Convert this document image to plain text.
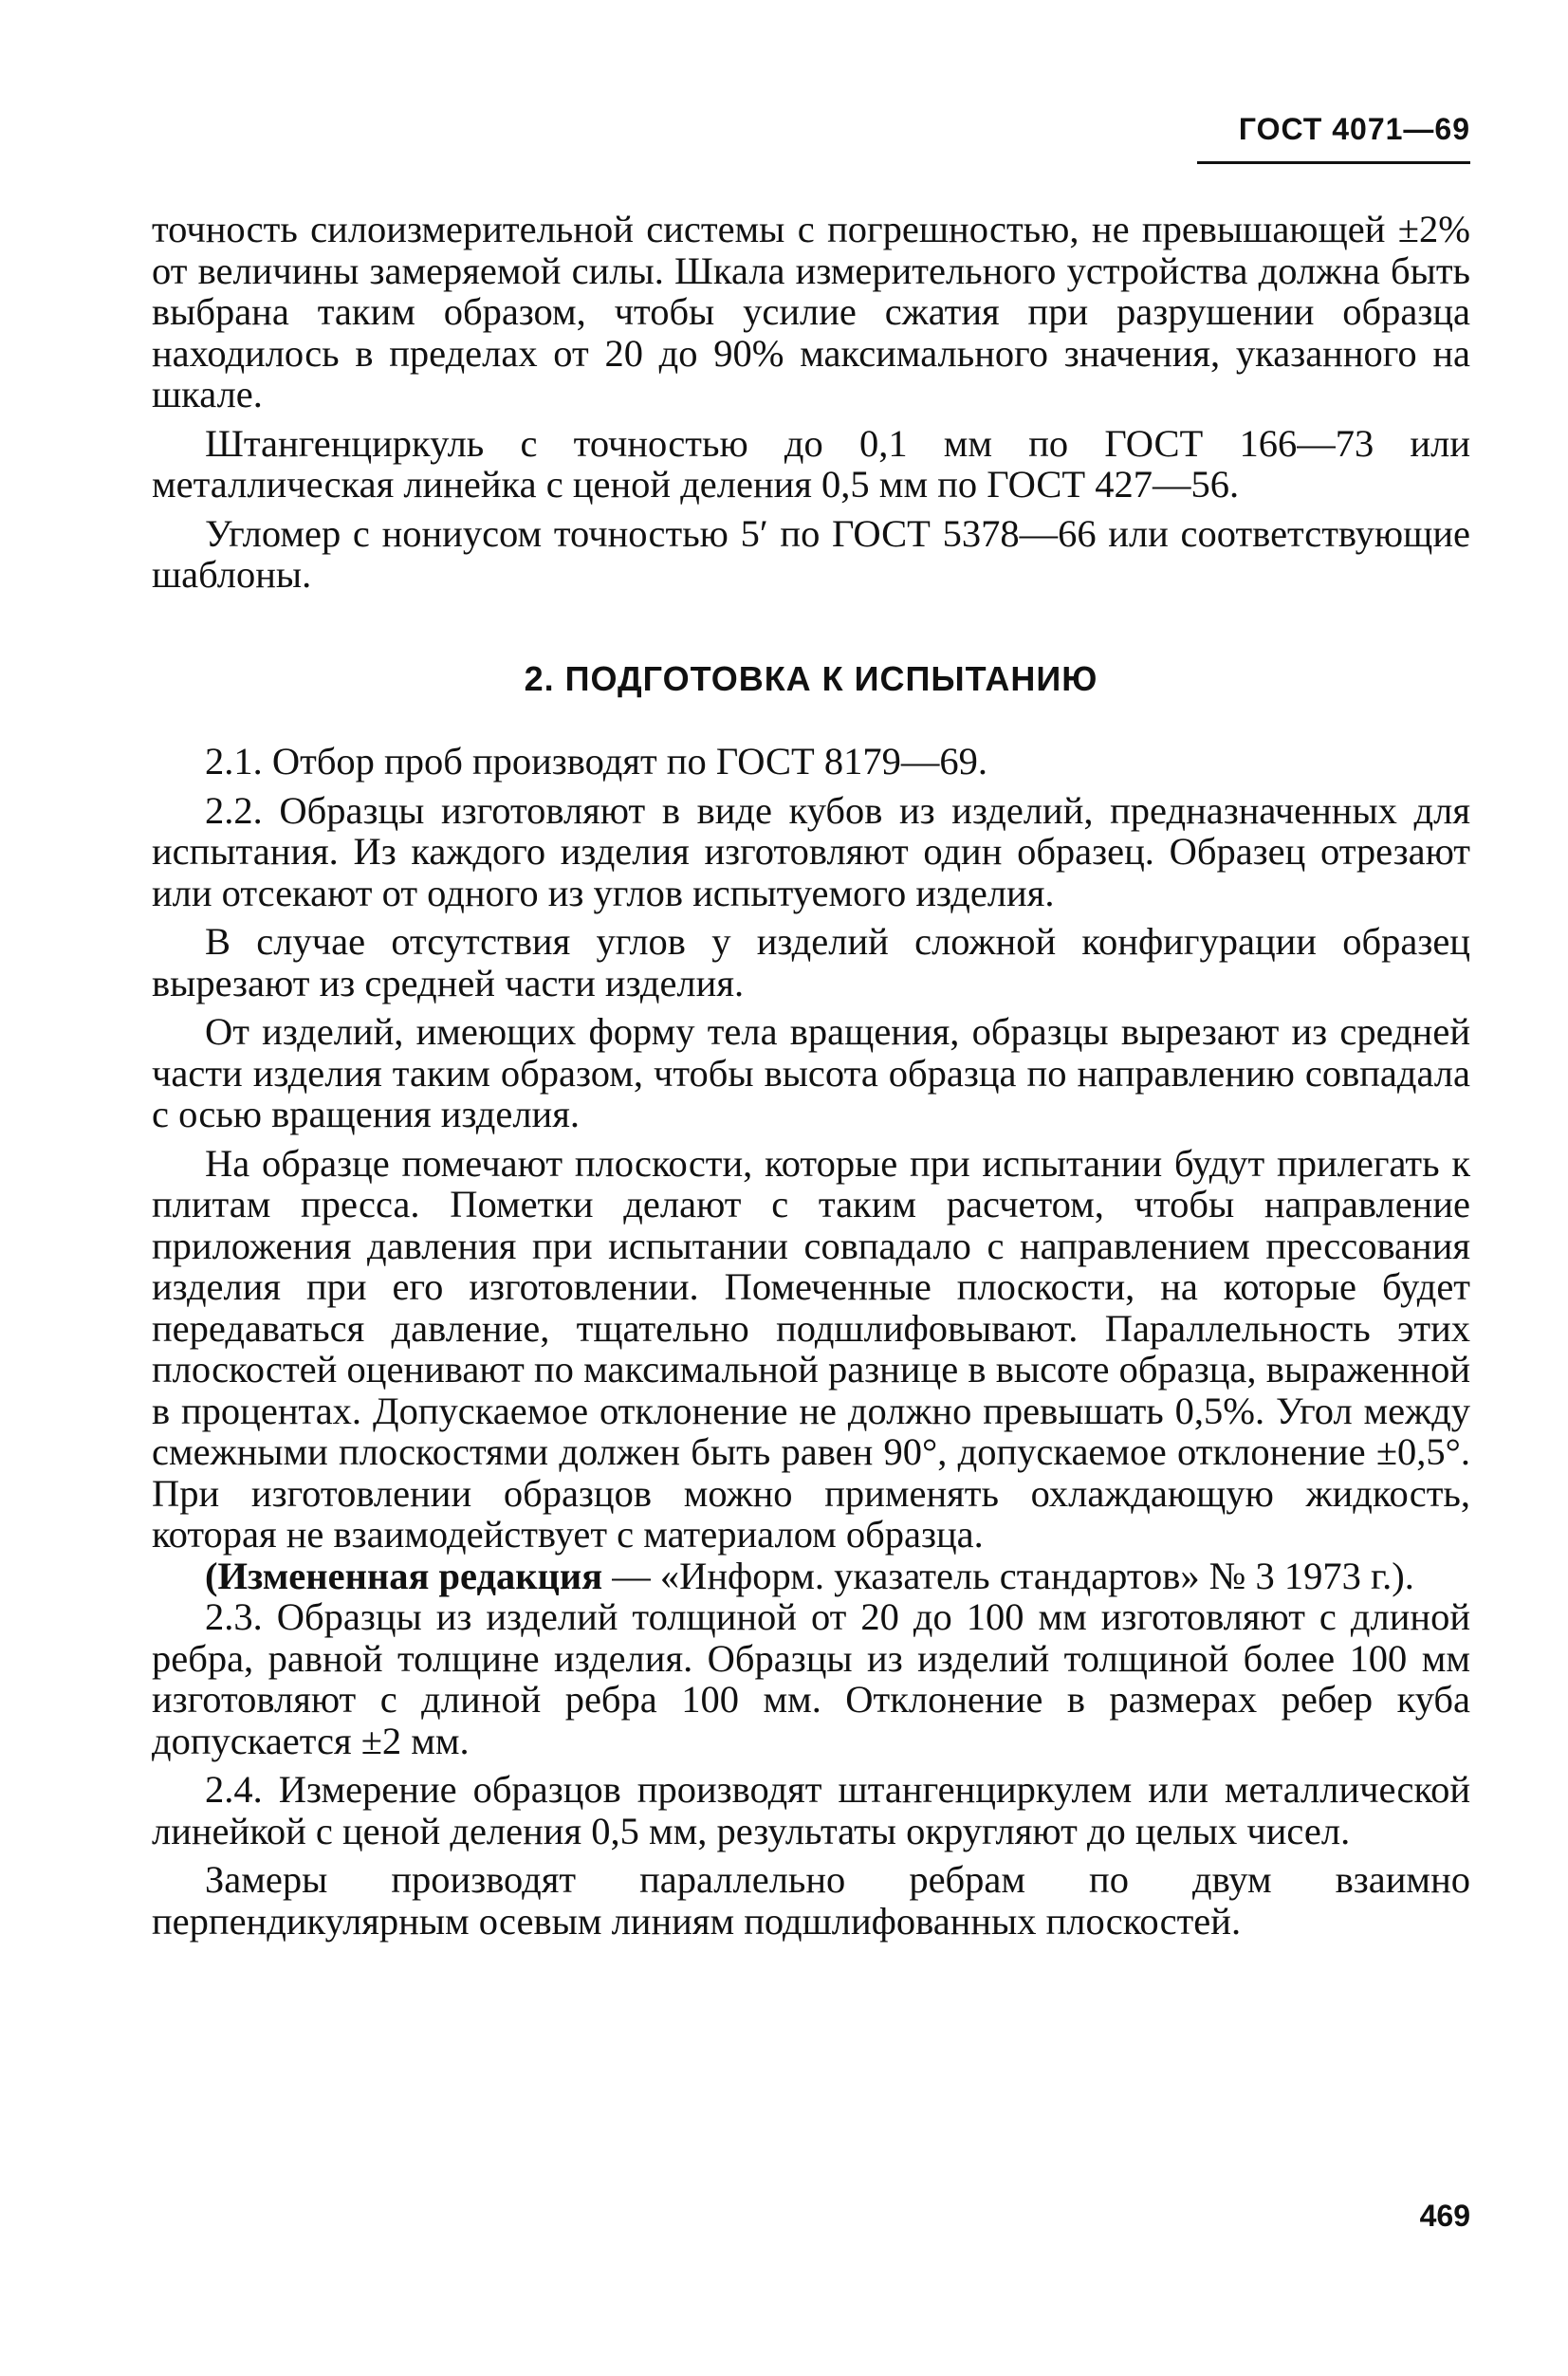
ГОСТ 4071—69

точность силоизмерительной системы с погрешностью, не превышающей ±2% от величины замеряемой силы. Шкала измерительного устройства должна быть выбрана таким образом, чтобы усилие сжатия при разрушении образца находилось в пределах от 20 до 90% максимального значения, указанного на шкале.

Штангенциркуль с точностью до 0,1 мм по ГОСТ 166—73 или металлическая линейка с ценой деления 0,5 мм по ГОСТ 427—56.

Угломер с нониусом точностью 5′ по ГОСТ 5378—66 или соответствующие шаблоны.

2. ПОДГОТОВКА К ИСПЫТАНИЮ

2.1. Отбор проб производят по ГОСТ 8179—69.

2.2. Образцы изготовляют в виде кубов из изделий, предназначенных для испытания. Из каждого изделия изготовляют один образец. Образец отрезают или отсекают от одного из углов испытуемого изделия.

В случае отсутствия углов у изделий сложной конфигурации образец вырезают из средней части изделия.

От изделий, имеющих форму тела вращения, образцы вырезают из средней части изделия таким образом, чтобы высота образца по направлению совпадала с осью вращения изделия.

На образце помечают плоскости, которые при испытании будут прилегать к плитам пресса. Пометки делают с таким расчетом, чтобы направление приложения давления при испытании совпадало с направлением прессования изделия при его изготовлении. Помеченные плоскости, на которые будет передаваться давление, тщательно подшлифовывают. Параллельность этих плоскостей оценивают по максимальной разнице в высоте образца, выраженной в процентах. Допускаемое отклонение не должно превышать 0,5%. Угол между смежными плоскостями должен быть равен 90°, допускаемое отклонение ±0,5°. При изготовлении образцов можно применять охлаждающую жидкость, которая не взаимодействует с материалом образца.

(Измененная редакция — «Информ. указатель стандартов» № 3 1973 г.).

2.3. Образцы из изделий толщиной от 20 до 100 мм изготовляют с длиной ребра, равной толщине изделия. Образцы из изделий толщиной более 100 мм изготовляют с длиной ребра 100 мм. Отклонение в размерах ребер куба допускается ±2 мм.

2.4. Измерение образцов производят штангенциркулем или металлической линейкой с ценой деления 0,5 мм, результаты округляют до целых чисел.

Замеры производят параллельно ребрам по двум взаимно перпендикулярным осевым линиям подшлифованных плоскостей.

469
